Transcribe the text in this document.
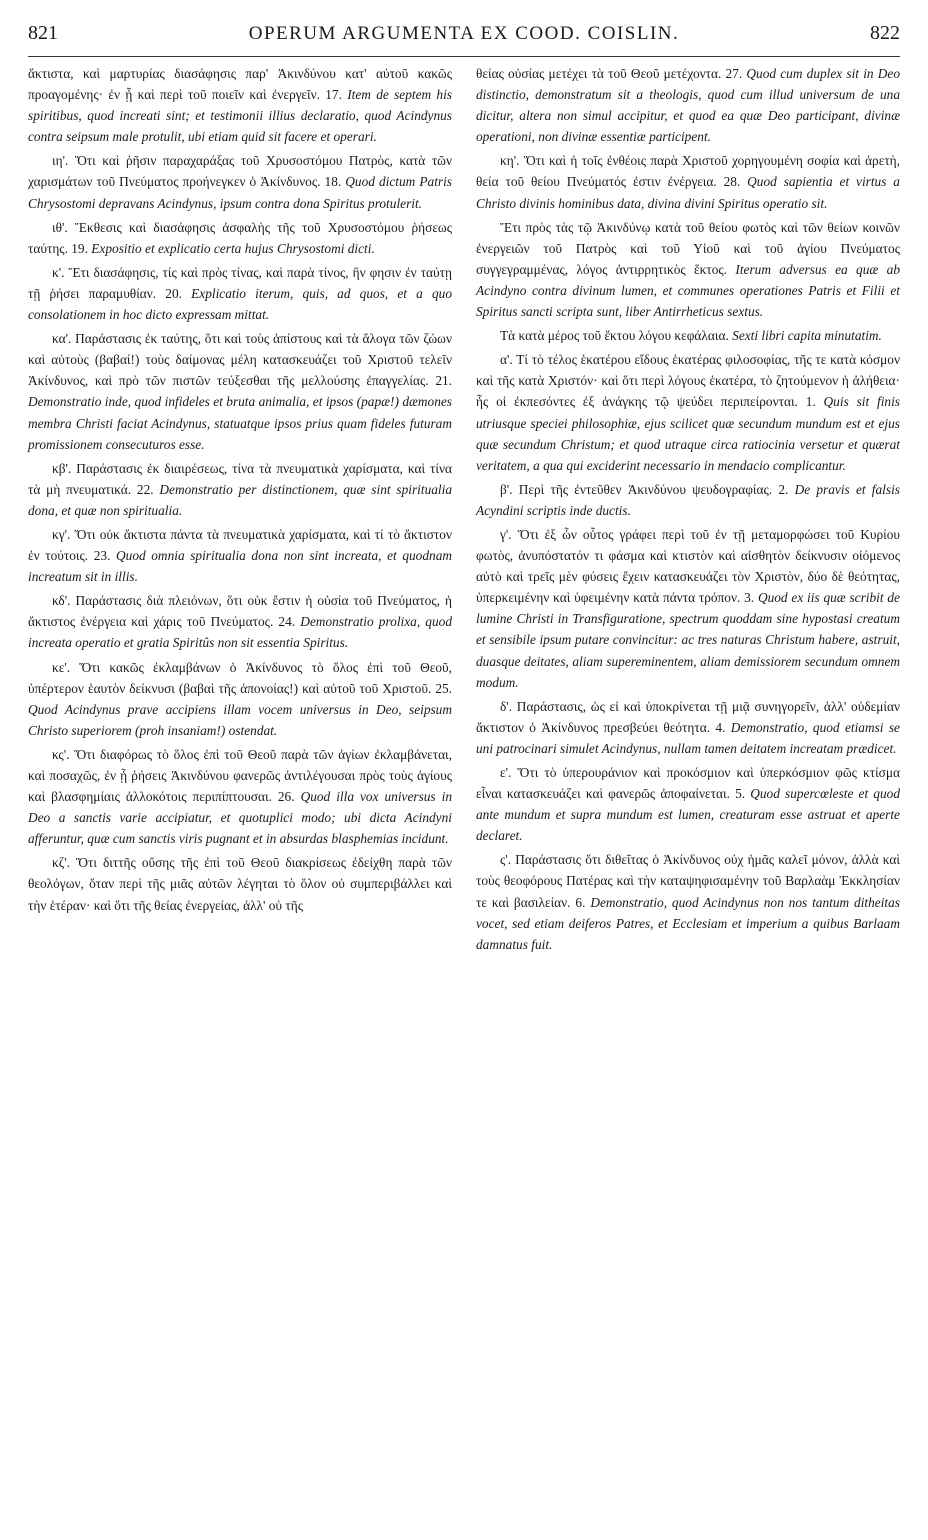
821	OPERUM ARGUMENTA EX COOD. COISLIN.	822

ἄκτιστα, καὶ μαρτυρίας διασάφησις παρ' Ἀκινδύνου κατ' αὐτοῦ κακῶς προαγομένης· ἐν ᾗ καὶ περὶ τοῦ ποιεῖν καὶ ἐνεργεῖν. 17. Item de septem his spiritibus, quod increati sint; et testimonii illius declaratio, quod Acindynus contra seipsum male protulit, ubi etiam quid sit facere et operari.

ιη'. Ὅτι καὶ ῥῆσιν παραχαράξας τοῦ Χρυσοστόμου Πατρὸς, κατὰ τῶν χαρισμάτων τοῦ Πνεύματος προήνεγκεν ὁ Ἀκίνδυνος. 18. Quod dictum Patris Chrysostomi depravans Acindynus, ipsum contra dona Spiritus protulerit.

ιθ'. Ἔκθεσις καὶ διασάφησις ἀσφαλὴς τῆς τοῦ Χρυσοστόμου ῥήσεως ταύτης. 19. Expositio et explicatio certa hujus Chrysostomi dicti.

κ'. Ἔτι διασάφησις, τίς καὶ πρὸς τίνας, καὶ παρὰ τίνος, ἣν φησιν ἐν ταύτῃ τῇ ῥήσει παραμυθίαν. 20. Explicatio iterum, quis, ad quos, et a quo consolationem in hoc dicto expressam mittat.

κα'. Παράστασις ἐκ ταύτης, ὅτι καὶ τοὺς ἀπίστους καὶ τὰ ἄλογα τῶν ζώων καὶ αὐτοὺς (βαβαί!) τοὺς δαίμονας μέλη κατασκευάζει τοῦ Χριστοῦ τελεῖν Ἀκίνδυνος, καὶ πρὸ τῶν πιστῶν τεύξεσθαι τῆς μελλούσης ἐπαγγελίας. 21. Demonstratio inde, quod infideles et bruta animalia, et ipsos (papæ!) dæmones membra Christi faciat Acindynus, statuatque ipsos prius quam fideles futuram promissionem consecuturos esse.

κβ'. Παράστασις ἐκ διαιρέσεως, τίνα τὰ πνευματικὰ χαρίσματα, καὶ τίνα τὰ μὴ πνευματικά. 22. Demonstratio per distinctionem, quæ sint spiritualia dona, et quæ non spiritualia.

κγ'. Ὅτι οὐκ ἄκτιστα πάντα τὰ πνευματικὰ χαρίσματα, καὶ τί τὸ ἄκτιστον ἐν τούτοις. 23. Quod omnia spiritualia dona non sint increata, et quodnam increatum sit in illis.

κδ'. Παράστασις διὰ πλειόνων, ὅτι οὐκ ἔστιν ἡ οὐσία τοῦ Πνεύματος, ἡ ἄκτιστος ἐνέργεια καὶ χάρις τοῦ Πνεύματος. 24. Demonstratio prolixa, quod increata operatio et gratia Spiritûs non sit essentia Spiritus.

κε'. Ὅτι κακῶς ἐκλαμβάνων ὁ Ἀκίνδυνος τὸ ὅλος ἐπὶ τοῦ Θεοῦ, ὑπέρτερον ἑαυτὸν δείκνυσι (βαβαὶ τῆς ἀπονοίας!) καὶ αὐτοῦ τοῦ Χριστοῦ. 25. Quod Acindynus prave accipiens illam vocem universus in Deo, seipsum Christo superiorem (proh insaniam!) ostendat.

κς'. Ὅτι διαφόρως τὸ ὅλος ἐπὶ τοῦ Θεοῦ παρὰ τῶν ἁγίων ἐκλαμβάνεται, καὶ ποσαχῶς, ἐν ᾗ ῥήσεις Ἀκινδύνου φανερῶς ἀντιλέγουσαι πρὸς τοὺς ἁγίους καὶ βλασφημίαις ἀλλοκότοις περιπίπτουσαι. 26. Quod illa vox universus in Deo a sanctis varie accipiatur, et quotuplici modo; ubi dicta Acindyni afferuntur, quæ cum sanctis viris pugnant et in absurdas blasphemias incidunt.

κζ'. Ὅτι διττῆς οὔσης τῆς ἐπὶ τοῦ Θεοῦ διακρίσεως ἐδείχθη παρὰ τῶν θεολόγων, ὅταν περὶ τῆς μιᾶς αὐτῶν λέγηται τὸ ὅλον οὐ συμπεριβάλλει καὶ τὴν ἑτέραν· καὶ ὅτι τῆς θείας ἐνεργείας, ἀλλ' οὐ τῆς

θείας οὐσίας μετέχει τὰ τοῦ Θεοῦ μετέχοντα. 27. Quod cum duplex sit in Deo distinctio, demonstratum sit a theologis, quod cum illud universum de una dicitur, altera non simul accipitur, et quod ea quæ Deo participant, divinæ operationi, non divinæ essentiæ participent.

κη'. Ὅτι καὶ ἡ τοῖς ἐνθέοις παρὰ Χριστοῦ χορηγουμένη σοφία καὶ ἀρετὴ, θεία τοῦ θείου Πνεύματός ἐστιν ἐνέργεια. 28. Quod sapientia et virtus a Christo divinis hominibus data, divina divini Spiritus operatio sit.

Ἔτι πρὸς τὰς τῷ Ἀκινδύνῳ κατὰ τοῦ θείου φωτὸς καὶ τῶν θείων κοινῶν ἐνεργειῶν τοῦ Πατρὸς καὶ τοῦ Υἱοῦ καὶ τοῦ ἁγίου Πνεύματος συγγεγραμμένας, λόγος ἀντιρρητικὸς ἕκτος. Iterum adversus ea quæ ab Acindyno contra divinum lumen, et communes operationes Patris et Filii et Spiritus sancti scripta sunt, liber Antirrheticus sextus.

Τὰ κατὰ μέρος τοῦ ἕκτου λόγου κεφάλαια. Sexti libri capita minutatim.

α'. Τί τὸ τέλος ἑκατέρου εἴδους ἑκατέρας φιλοσοφίας, τῆς τε κατὰ κόσμον καὶ τῆς κατὰ Χριστόν· καὶ ὅτι περὶ λόγους ἑκατέρα, τὸ ζητούμενον ἡ ἀλήθεια· ἧς οἱ ἐκπεσόντες ἐξ ἀνάγκης τῷ ψεύδει περιπείρονται. 1. Quis sit finis utriusque speciei philosophiæ, ejus scilicet quæ secundum mundum est et ejus quæ secundum Christum; et quod utraque circa ratiocinia versetur et quærat veritatem, a qua qui exciderint necessario in mendacio complicantur.

β'. Περὶ τῆς ἐντεῦθεν Ἀκινδύνου ψευδογραφίας. 2. De pravis et falsis Acyndini scriptis inde ductis.

γ'. Ὅτι ἐξ ὧν οὗτος γράφει περὶ τοῦ ἐν τῇ μεταμορφώσει τοῦ Κυρίου φωτὸς, ἀνυπόστατόν τι φάσμα καὶ κτιστὸν καὶ αἰσθητὸν δείκνυσιν οἰόμενος αὐτὸ καὶ τρεῖς μὲν φύσεις ἔχειν κατασκευάζει τὸν Χριστὸν, δύο δὲ θεότητας, ὑπερκειμένην καὶ ὑφειμένην κατὰ πάντα τρόπον. 3. Quod ex iis quæ scribit de lumine Christi in Transfiguratione, spectrum quoddam sine hypostasi creatum et sensibile ipsum putare convincitur: ac tres naturas Christum habere, astruit, duasque deitates, aliam supereminentem, aliam demissiorem secundum omnem modum.

δ'. Παράστασις, ὡς εἰ καὶ ὑποκρίνεται τῇ μιᾷ συνηγορεῖν, ἀλλ' οὐδεμίαν ἄκτιστον ὁ Ἀκίνδυνος πρεσβεύει θεότητα. 4. Demonstratio, quod etiamsi se uni patrocinari simulet Acindynus, nullam tamen deitatem increatam prædicet.

ε'. Ὅτι τὸ ὑπερουράνιον καὶ προκόσμιον καὶ ὑπερκόσμιον φῶς κτίσμα εἶναι κατασκευάζει καὶ φανερῶς ἀποφαίνεται. 5. Quod supercœleste et quod ante mundum et supra mundum est lumen, creaturam esse astruat et aperte declaret.

ς'. Παράστασις ὅτι διθεΐτας ὁ Ἀκίνδυνος οὐχ ἡμᾶς καλεῖ μόνον, ἀλλὰ καὶ τοὺς θεοφόρους Πατέρας καὶ τὴν καταψηφισαμένην τοῦ Βαρλαὰμ Ἐκκλησίαν τε καὶ βασιλείαν. 6. Demonstratio, quod Acindynus non nos tantum ditheitas vocet, sed etiam deiferos Patres, et Ecclesiam et imperium a quibus Barlaam damnatus fuit.
